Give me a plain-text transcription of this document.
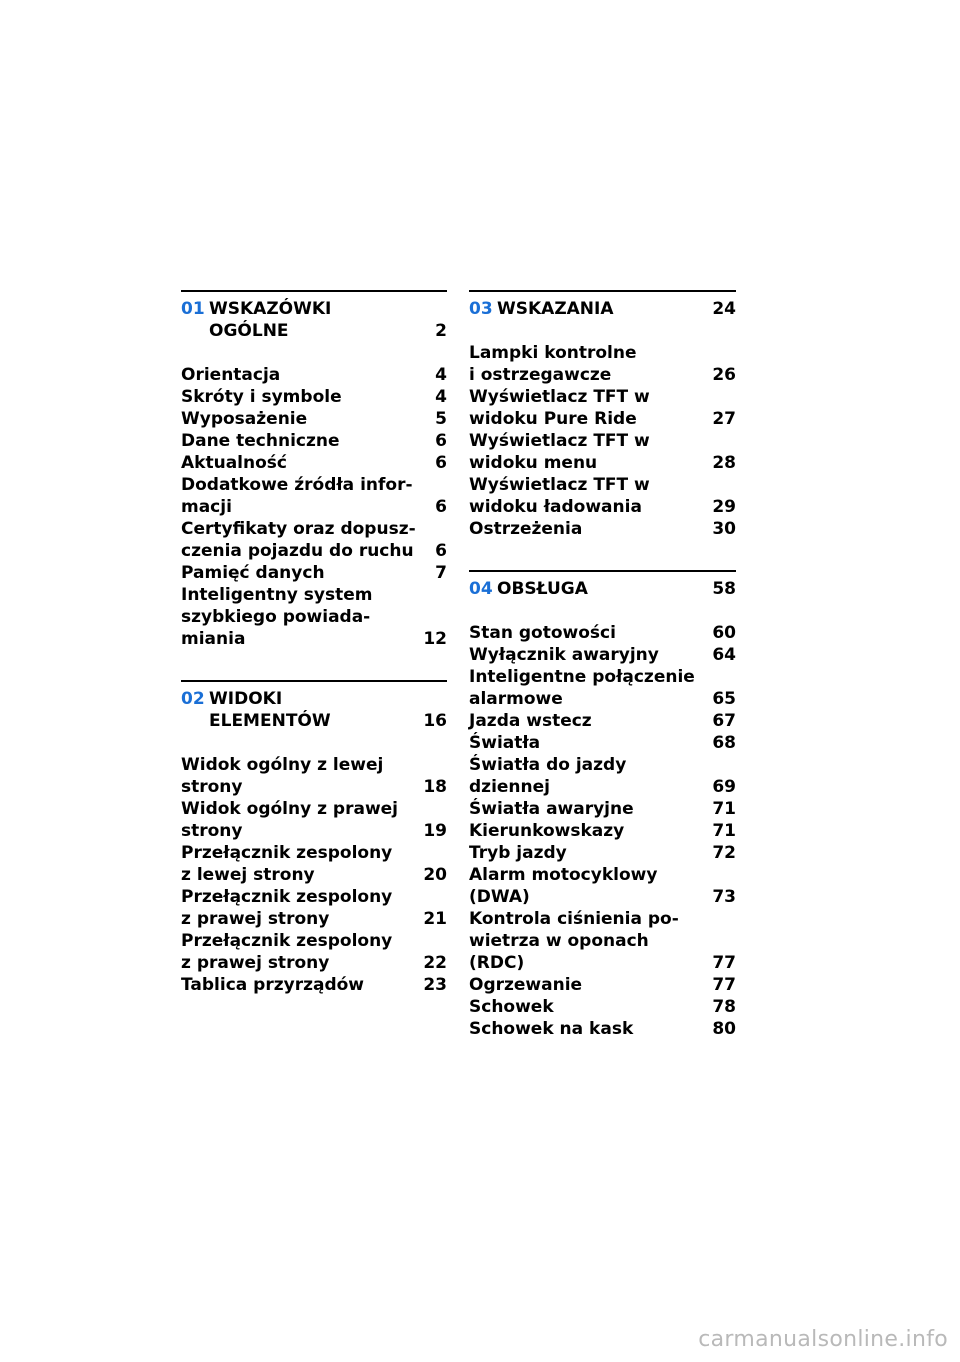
01 WSKAZÓWKI
OGÓLNE	2
Orientacja	4
Skróty i symbole	4
Wyposażenie	5
Dane techniczne	6
Aktualność	6
Dodatkowe źródła infor-
macji	6
Certyfikaty oraz dopusz-
czenia pojazdu do ruchu	6
Pamięć danych	7
Inteligentny system
szybkiego powiada-
miania	12
02 WIDOKI
ELEMENTÓW	16
Widok ogólny z lewej
strony	18
Widok ogólny z prawej
strony	19
Przełącznik zespolony
z lewej strony	20
Przełącznik zespolony
z prawej strony	21
Przełącznik zespolony
z prawej strony	22
Tablica przyrządów	23
03 WSKAZANIA	24
Lampki kontrolne
i ostrzegawcze	26
Wyświetlacz TFT w
widoku Pure Ride	27
Wyświetlacz TFT w
widoku menu	28
Wyświetlacz TFT w
widoku ładowania	29
Ostrzeżenia	30
04 OBSŁUGA	58
Stan gotowości	60
Wyłącznik awaryjny	64
Inteligentne połączenie
alarmowe	65
Jazda wstecz	67
Światła	68
Światła do jazdy
dziennej	69
Światła awaryjne	71
Kierunkowskazy	71
Tryb jazdy	72
Alarm motocyklowy
(DWA)	73
Kontrola ciśnienia po-
wietrza w oponach
(RDC)	77
Ogrzewanie	77
Schowek	78
Schowek na kask	80
carmanualsonline.info
